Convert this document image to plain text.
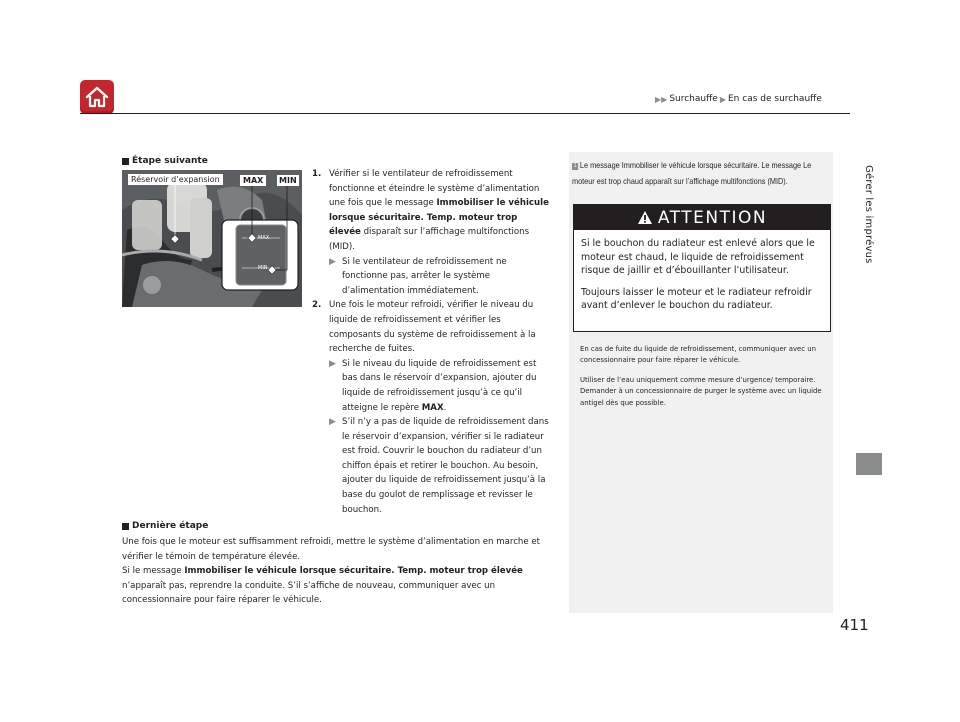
▶▶ Surchauffe ▶ En cas de surchauffe
Gérer les imprévus
411
Étape suivante
Réservoir d’expansion	MAX	MIN
MAX
MIN
1. Vérifier si le ventilateur de refroidissement fonctionne et éteindre le système d’alimentation une fois que le message Immobiliser le véhicule lorsque sécuritaire. Temp. moteur trop élevée disparaît sur l’affichage multifonctions (MID).
▶ Si le ventilateur de refroidissement ne fonctionne pas, arrêter le système d’alimentation immédiatement.
2. Une fois le moteur refroidi, vérifier le niveau du liquide de refroidissement et vérifier les composants du système de refroidissement à la recherche de fuites.
▶ Si le niveau du liquide de refroidissement est bas dans le réservoir d’expansion, ajouter du liquide de refroidissement jusqu’à ce qu’il atteigne le repère MAX.
▶ S’il n’y a pas de liquide de refroidissement dans le réservoir d’expansion, vérifier si le radiateur est froid. Couvrir le bouchon du radiateur d’un chiffon épais et retirer le bouchon. Au besoin, ajouter du liquide de refroidissement jusqu’à la base du goulot de remplissage et revisser le bouchon.
Dernière étape
Une fois que le moteur est suffisamment refroidi, mettre le système d’alimentation en marche et vérifier le témoin de température élevée.
Si le message Immobiliser le véhicule lorsque sécuritaire. Temp. moteur trop élevée n’apparaît pas, reprendre la conduite. S’il s’affiche de nouveau, communiquer avec un concessionnaire pour faire réparer le véhicule.
1 Le message Immobiliser le véhicule lorsque sécuritaire. Le message Le moteur est trop chaud apparaît sur l’affichage multifonctions (MID).
ATTENTION

Si le bouchon du radiateur est enlevé alors que le moteur est chaud, le liquide de refroidissement risque de jaillir et d’ébouillanter l’utilisateur.

Toujours laisser le moteur et le radiateur refroidir avant d’enlever le bouchon du radiateur.

En cas de fuite du liquide de refroidissement, communiquer avec un concessionnaire pour faire réparer le véhicule.

Utiliser de l’eau uniquement comme mesure d’urgence/ temporaire. Demander à un concessionnaire de purger le système avec un liquide antigel dès que possible.
